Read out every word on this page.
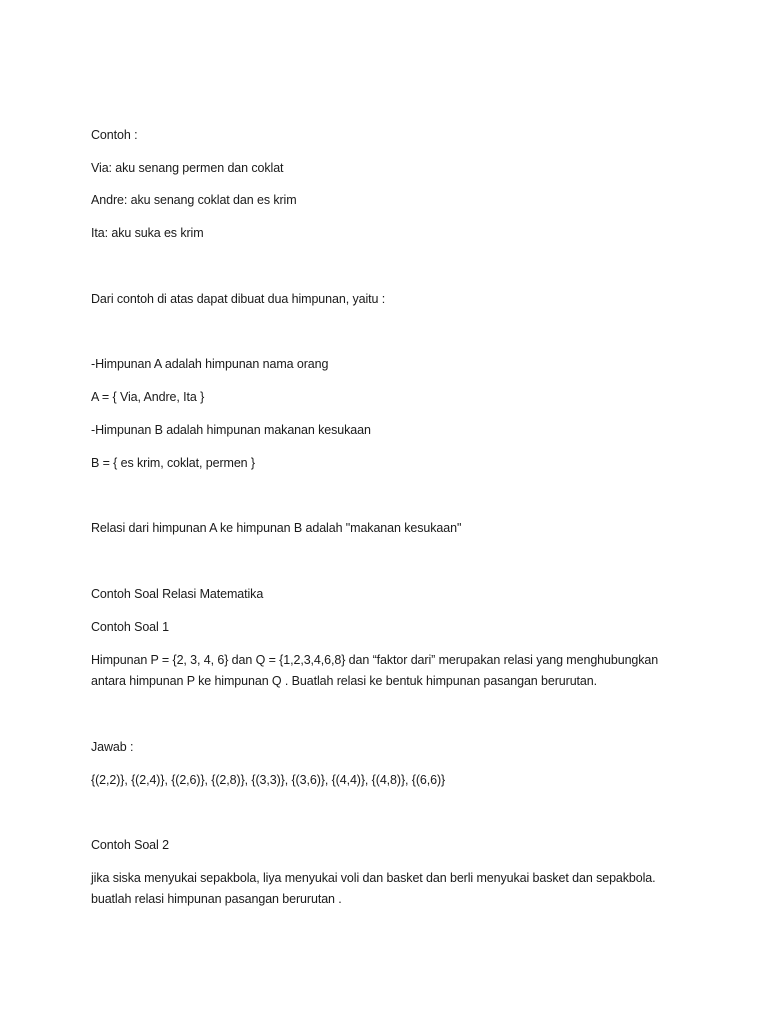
Contoh :
Via: aku senang permen dan coklat
Andre: aku senang coklat dan es krim
Ita: aku suka es krim
Dari contoh di atas dapat dibuat dua himpunan, yaitu :
-Himpunan A adalah himpunan nama orang
A = { Via, Andre, Ita }
-Himpunan B adalah himpunan makanan kesukaan
B = { es krim, coklat, permen }
Relasi dari himpunan A ke himpunan B adalah "makanan kesukaan"
Contoh Soal Relasi Matematika
Contoh Soal 1
Himpunan P = {2, 3, 4, 6} dan Q = {1,2,3,4,6,8} dan “faktor dari” merupakan relasi yang menghubungkan antara himpunan P ke himpunan Q . Buatlah relasi ke bentuk himpunan pasangan berurutan.
Jawab :
{(2,2)}, {(2,4)}, {(2,6)}, {(2,8)}, {(3,3)}, {(3,6)}, {(4,4)}, {(4,8)}, {(6,6)}
Contoh Soal 2
jika siska menyukai sepakbola, liya menyukai voli dan basket dan berli menyukai basket dan sepakbola. buatlah relasi himpunan pasangan berurutan .
